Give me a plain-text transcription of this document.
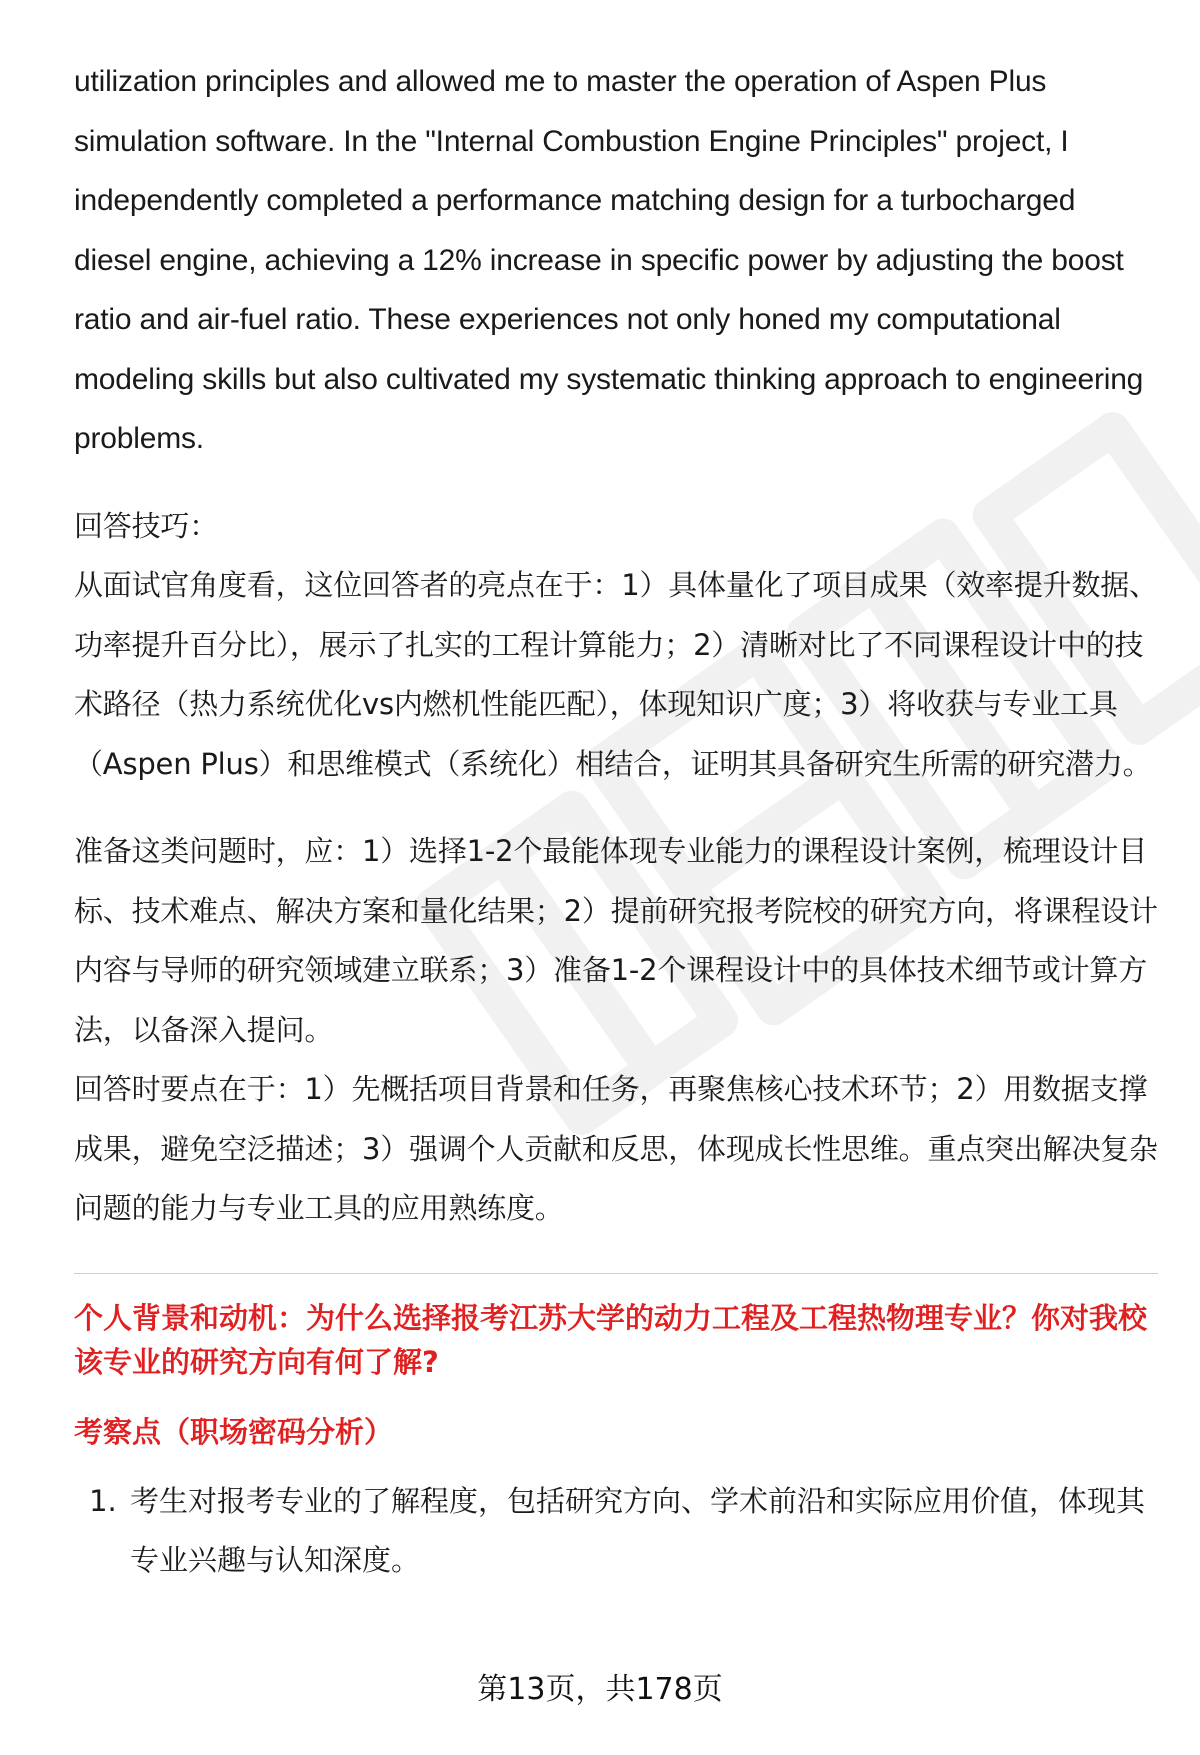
utilization principles and allowed me to master the operation of Aspen Plus simulation software. In the "Internal Combustion Engine Principles" project, I independently completed a performance matching design for a turbocharged diesel engine, achieving a 12% increase in specific power by adjusting the boost ratio and air-fuel ratio. These experiences not only honed my computational modeling skills but also cultivated my systematic thinking approach to engineering problems.

回答技巧：

从面试官角度看，这位回答者的亮点在于：1）具体量化了项目成果（效率提升数据、功率提升百分比），展示了扎实的工程计算能力；2）清晰对比了不同课程设计中的技术路径（热力系统优化vs内燃机性能匹配），体现知识广度；3）将收获与专业工具（Aspen Plus）和思维模式（系统化）相结合，证明其具备研究生所需的研究潜力。

准备这类问题时，应：1）选择1-2个最能体现专业能力的课程设计案例，梳理设计目标、技术难点、解决方案和量化结果；2）提前研究报考院校的研究方向，将课程设计内容与导师的研究领域建立联系；3）准备1-2个课程设计中的具体技术细节或计算方法，以备深入提问。

回答时要点在于：1）先概括项目背景和任务，再聚焦核心技术环节；2）用数据支撑成果，避免空泛描述；3）强调个人贡献和反思，体现成长性思维。重点突出解决复杂问题的能力与专业工具的应用熟练度。

个人背景和动机：为什么选择报考江苏大学的动力工程及工程热物理专业？你对我校该专业的研究方向有何了解?

考察点（职场密码分析）

1. 考生对报考专业的了解程度，包括研究方向、学术前沿和实际应用价值，体现其专业兴趣与认知深度。
第13页，共178页
